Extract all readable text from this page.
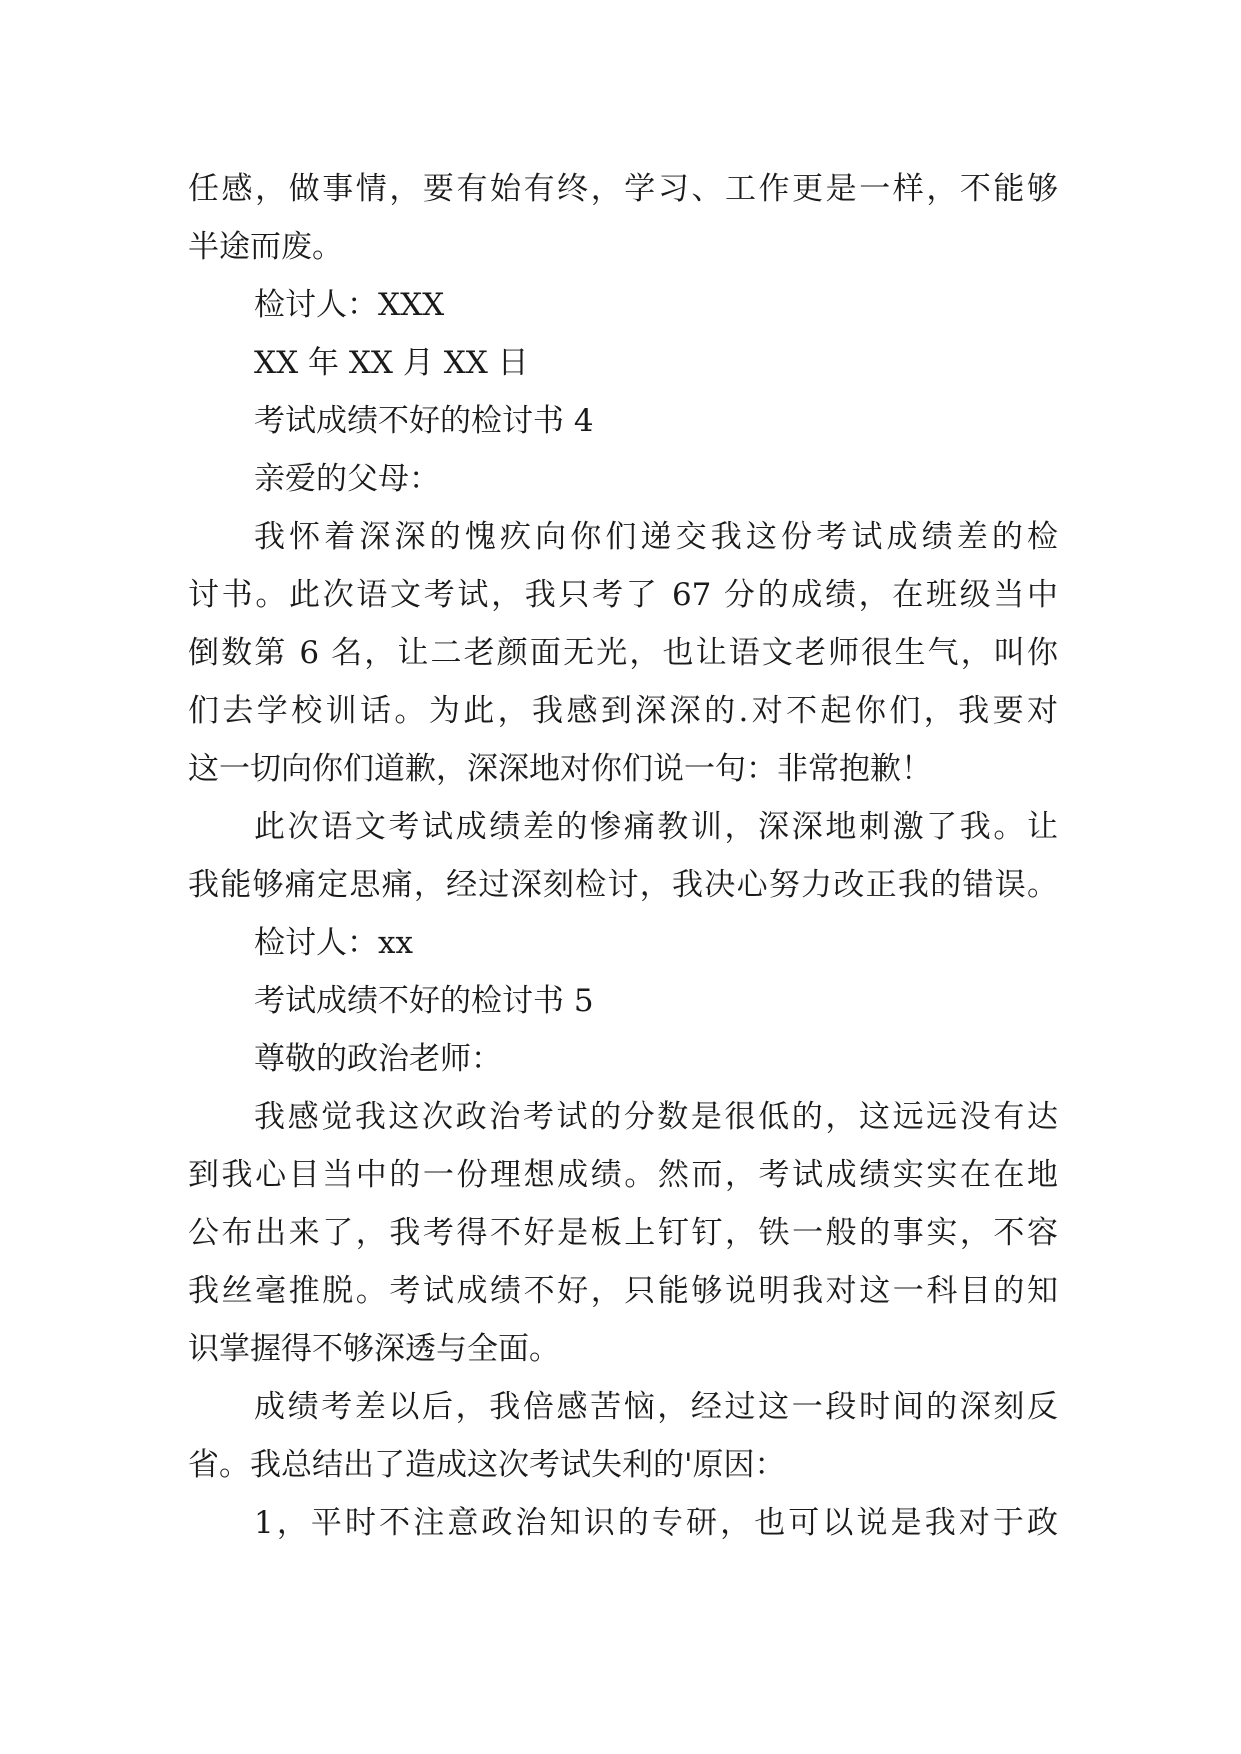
任感，做事情，要有始有终，学习、工作更是一样，不能够
半途而废。
检讨人：XXX
XX 年 XX 月 XX 日
考试成绩不好的检讨书 4
亲爱的父母：
我怀着深深的愧疚向你们递交我这份考试成绩差的检
讨书。此次语文考试，我只考了 67 分的成绩，在班级当中
倒数第 6 名，让二老颜面无光，也让语文老师很生气，叫你
们去学校训话。为此，我感到深深的.对不起你们，我要对
这一切向你们道歉，深深地对你们说一句：非常抱歉！
此次语文考试成绩差的惨痛教训，深深地刺激了我。让
我能够痛定思痛，经过深刻检讨，我决心努力改正我的错误。
检讨人：xx
考试成绩不好的检讨书 5
尊敬的政治老师：
我感觉我这次政治考试的分数是很低的，这远远没有达
到我心目当中的一份理想成绩。然而，考试成绩实实在在地
公布出来了，我考得不好是板上钉钉，铁一般的事实，不容
我丝毫推脱。考试成绩不好，只能够说明我对这一科目的知
识掌握得不够深透与全面。
成绩考差以后，我倍感苦恼，经过这一段时间的深刻反
省。我总结出了造成这次考试失利的'原因：
1，平时不注意政治知识的专研，也可以说是我对于政
